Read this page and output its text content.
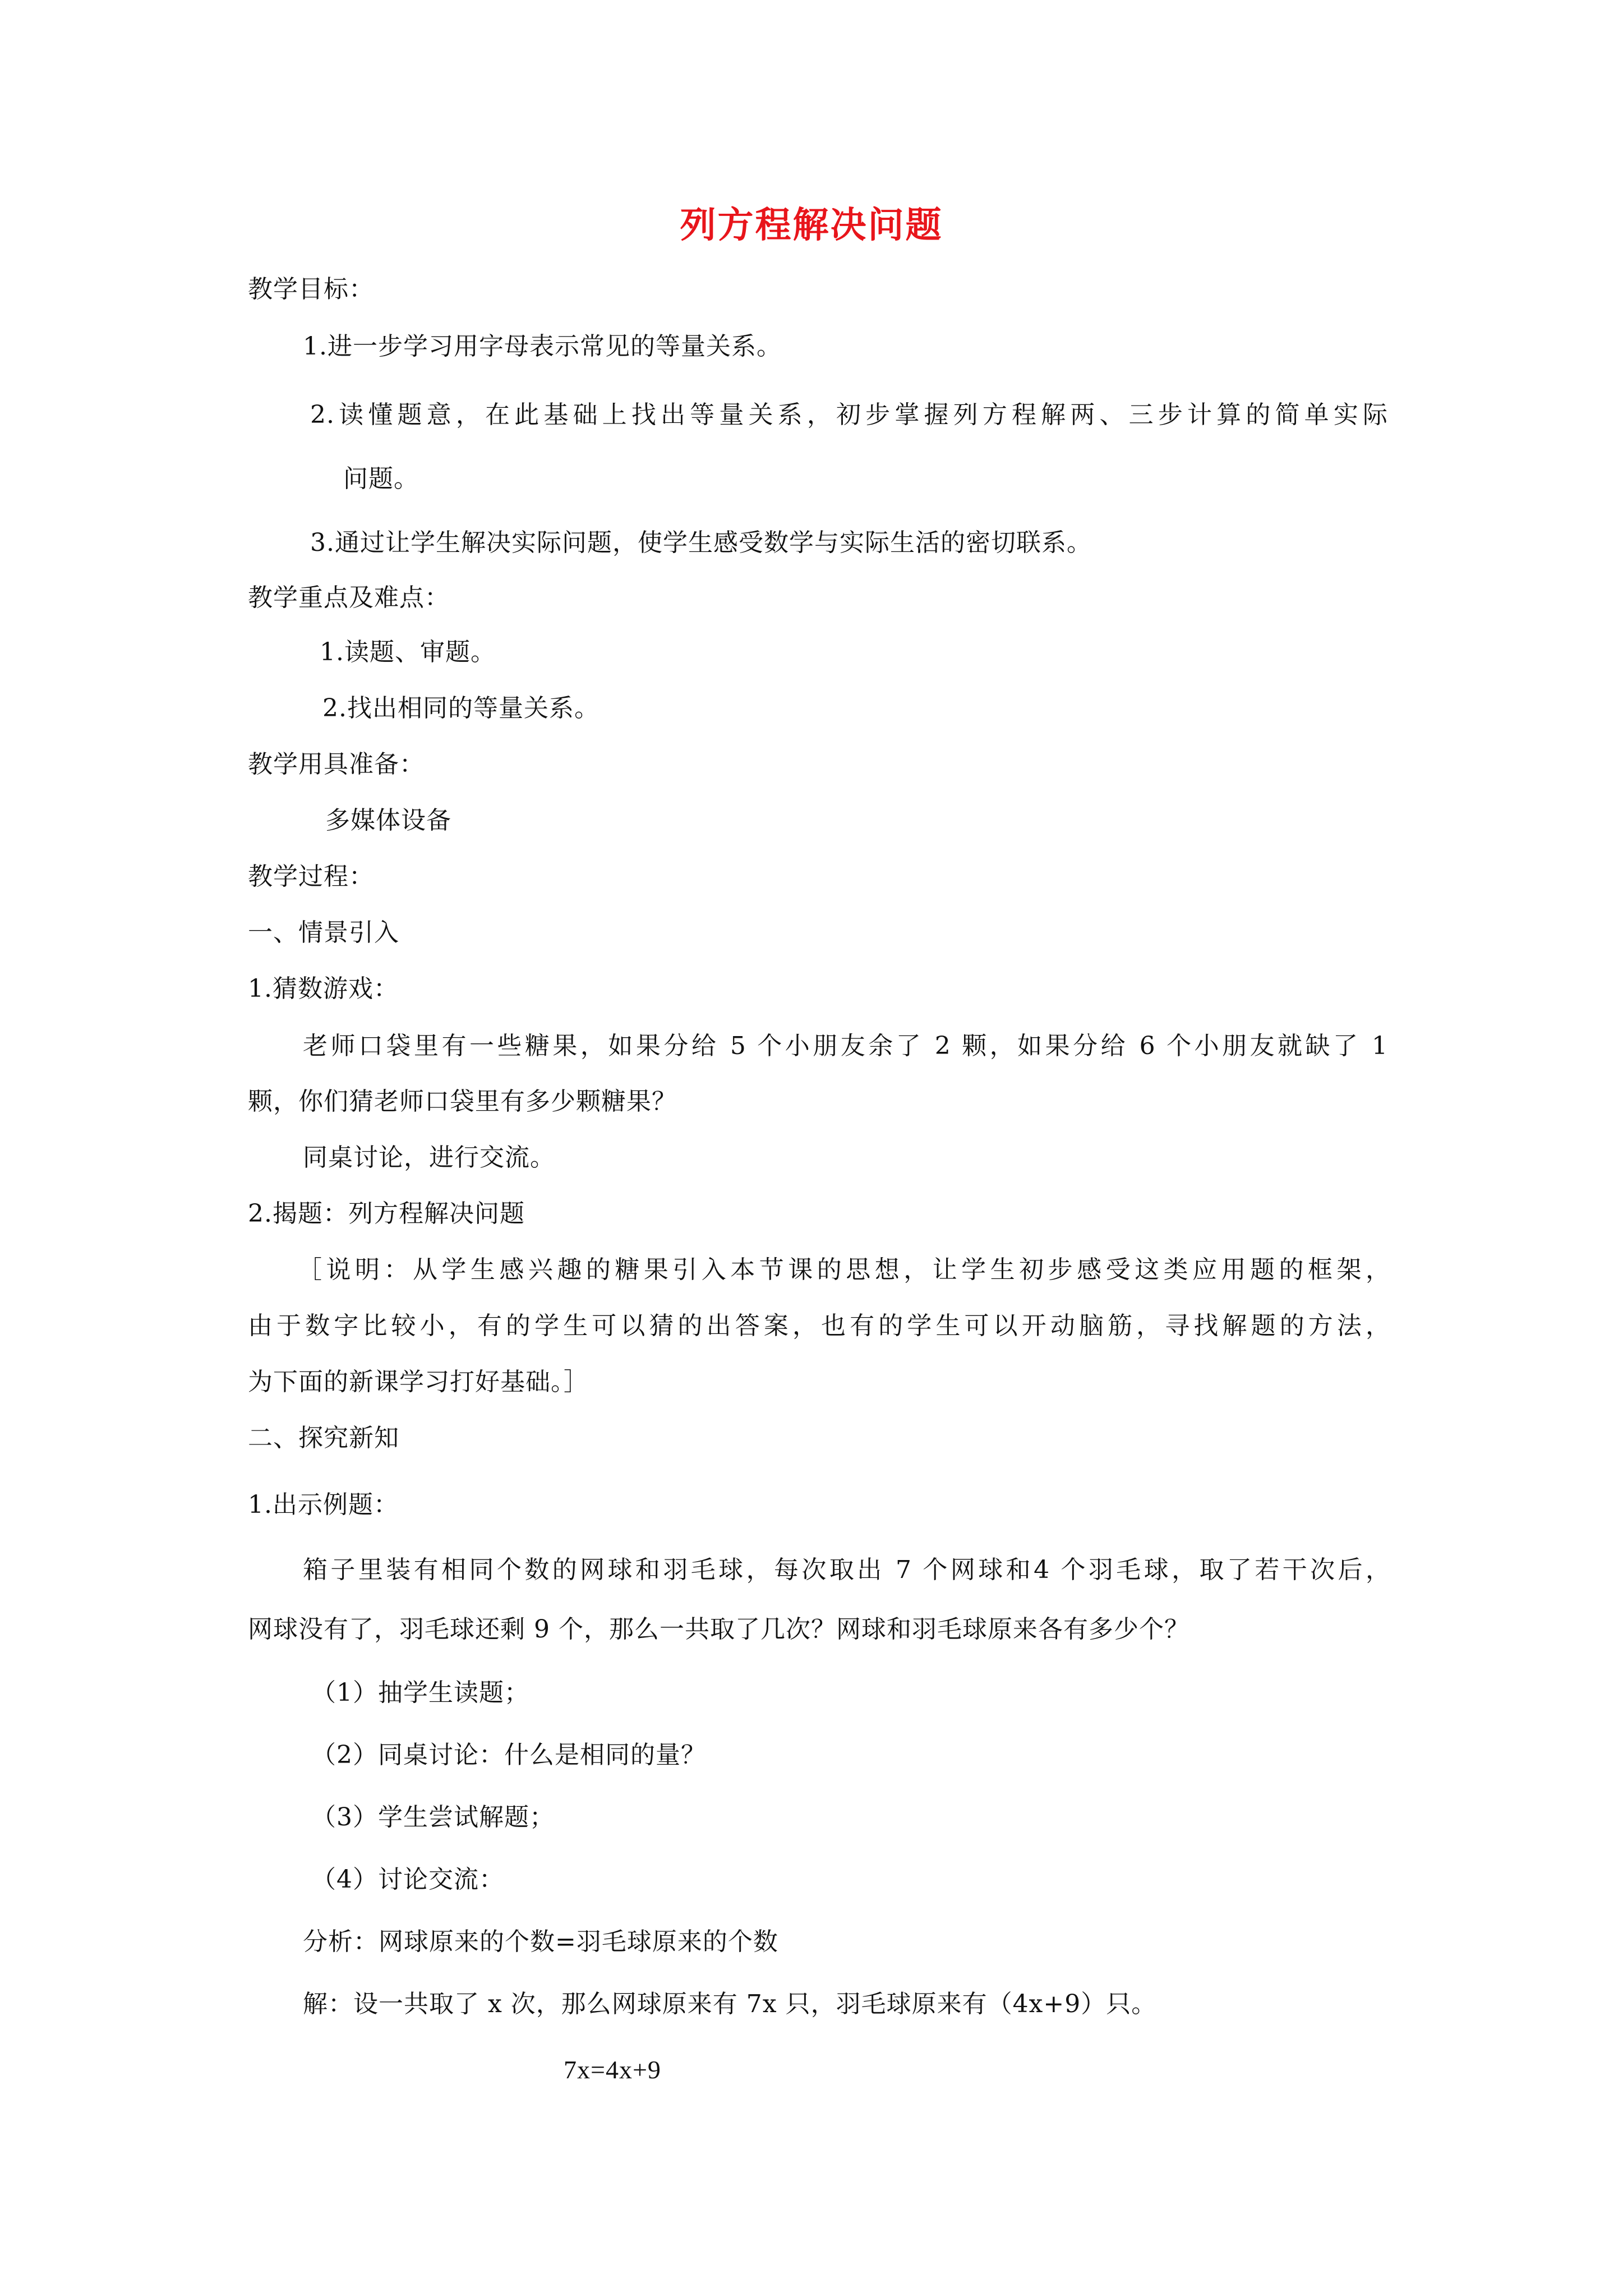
列方程解决问题
教学目标：
1.进一步学习用字母表示常见的等量关系。
2.读懂题意，在此基础上找出等量关系，初步掌握列方程解两、三步计算的简单实际
问题。
3.通过让学生解决实际问题，使学生感受数学与实际生活的密切联系。
教学重点及难点：
1.读题、审题。
2.找出相同的等量关系。
教学用具准备：
多媒体设备
教学过程：
一、情景引入
1.猜数游戏：
老师口袋里有一些糖果，如果分给 5 个小朋友余了 2 颗，如果分给 6 个小朋友就缺了 1
颗，你们猜老师口袋里有多少颗糖果？
同桌讨论，进行交流。
2.揭题：列方程解决问题
［说明：从学生感兴趣的糖果引入本节课的思想，让学生初步感受这类应用题的框架，
由于数字比较小，有的学生可以猜的出答案，也有的学生可以开动脑筋，寻找解题的方法，
为下面的新课学习打好基础。］
二、探究新知
1.出示例题：
箱子里装有相同个数的网球和羽毛球，每次取出 7 个网球和4 个羽毛球，取了若干次后，
网球没有了，羽毛球还剩 9 个，那么一共取了几次？网球和羽毛球原来各有多少个？
（1）抽学生读题；
（2）同桌讨论：什么是相同的量？
（3）学生尝试解题；
（4）讨论交流：
分析：网球原来的个数=羽毛球原来的个数
解：设一共取了 x 次，那么网球原来有 7x 只，羽毛球原来有（4x+9）只。
7x=4x+9
